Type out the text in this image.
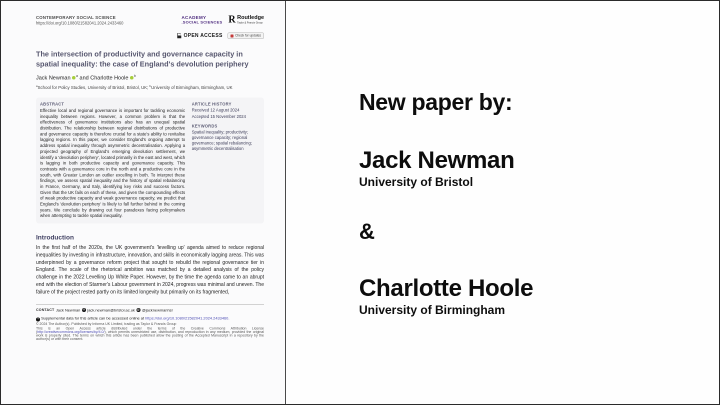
CONTEMPORARY SOCIAL SCIENCE
https://doi.org/10.1080/21582041.2024.2433460
ACADEMY
.SOCIAL SCIENCES R Routledge
Taylor & Francis Group
OPEN ACCESS Check for updates
The intersection of productivity and governance capacity in spatial inequality: the case of England's devolution periphery
Jack Newman $^a$ and Charlotte Hoole $^b$
$^a$School for Policy Studies, University of Bristol, Bristol, UK; $^b$University of Birmingham, Birmingham, UK
ABSTRACT
Effective local and regional governance is important for tackling economic inequality between regions. However, a common problem is that the effectiveness of governance institutions also has an unequal spatial distribution. The relationship between regional distributions of productive and governance capacity is therefore crucial for a state's ability to revitalise lagging regions. In this paper, we consider England's ongoing attempt to address spatial inequality through asymmetric decentralisation. Applying a projected geography of England's emerging devolution settlement, we identify a 'devolution periphery', located primarily in the east and west, which is lagging in both productive capacity and governance capacity. This contrasts with a governance core in the north and a productive core in the south, with Greater London an outlier excelling in both. To interpret these findings, we assess spatial inequality and the history of spatial rebalancing in France, Germany, and Italy, identifying key risks and success factors. Given that the UK fails on each of these, and given the compounding effects of weak productive capacity and weak governance capacity, we predict that England's 'devolution periphery' is likely to fall further behind in the coming years. We conclude by drawing out four paradoxes facing policymakers when attempting to tackle spatial inequality.
ARTICLE HISTORY
Received 12 August 2024
Accepted 15 November 2024
KEYWORDS
Spatial inequality; productivity; governance capacity; regional governance; spatial rebalancing; asymmetric decentralisation
Introduction
In the first half of the 2020s, the UK government's 'levelling up' agenda aimed to reduce regional inequalities by investing in infrastructure, innovation, and skills in economically lagging areas. This was underpinned by a governance reform project that sought to rebuild the regional governance tier in England. The scale of the rhetorical ambition was matched by a detailed analysis of the policy challenge in the 2022 Levelling Up White Paper. However, by the time the agenda came to an abrupt end with the election of Starmer's Labour government in 2024, progress was minimal and uneven. The failure of the project rested partly on its limited longevity but primarily on its fragmented,
CONTACT Jack Newman ✉ jack.newman@bristol.ac.uk @ @jacknewmanhsr
+ Supplemental data for this article can be accessed online at https://doi.org/10.1080/21582041.2024.2433460.
© 2024 The Author(s). Published by Informa UK Limited, trading as Taylor & Francis Group
This is an Open Access article distributed under the terms of the Creative Commons Attribution License (http://creativecommons.org/licenses/by/4.0/), which permits unrestricted use, distribution, and reproduction in any medium, provided the original work is properly cited. The terms on which this article has been published allow the posting of the Accepted Manuscript in a repository by the author(s) or with their consent.
New paper by:
Jack Newman
University of Bristol
&
Charlotte Hoole
University of Birmingham
